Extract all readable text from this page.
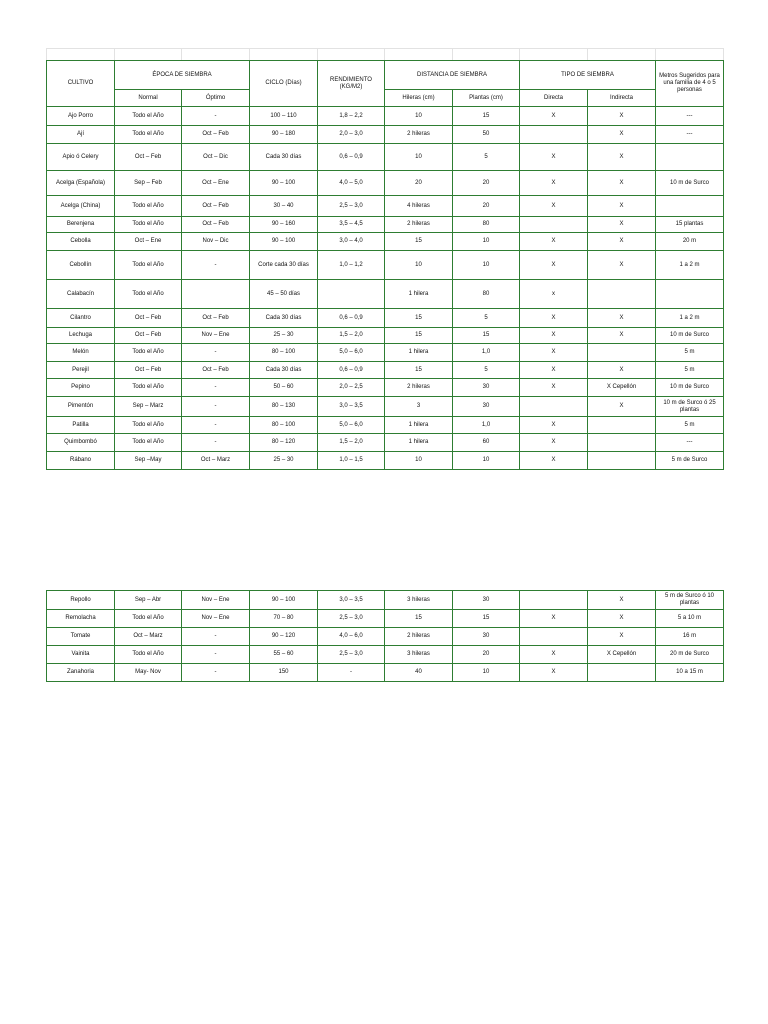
CULTIVO	ÉPOCA DE SIEMBRA		CICLO (Días)	RENDIMIENTO (KG/M2)	DISTANCIA DE SIEMBRA		TIPO DE SIEMBRA		Metros Sugeridos para una familia de 4 o 5 personas
	Normal	Óptimo			Hileras (cm)	Plantas (cm)	Directa	Indirecta	
Ajo Porro	Todo el Año	-	100 – 110	1,8 – 2,2	10	15	X	X	---
Ají	Todo el Año	Oct – Feb	90 – 180	2,0 – 3,0	2 hileras	50		X	---
Apio ó Celery	Oct – Feb	Oct – Dic	Cada 30 días	0,6 – 0,9	10	5	X	X	
Acelga (Española)	Sep – Feb	Oct – Ene	90 – 100	4,0 – 5,0	20	20	X	X	10 m de Surco
Acelga (China)	Todo el Año	Oct – Feb	30 – 40	2,5 – 3,0	4 hileras	20	X	X	
Berenjena	Todo el Año	Oct – Feb	90 – 160	3,5 – 4,5	2 hileras	80		X	15 plantas
Cebolla	Oct – Ene	Nov – Dic	90 – 100	3,0 – 4,0	15	10	X	X	20 m
Cebollín	Todo el Año	-	Corte cada 30 días	1,0 – 1,2	10	10	X	X	1 a 2 m
Calabacín	Todo el Año		45 – 50 días		1 hilera	80	x		
Cilantro	Oct – Feb	Oct – Feb	Cada 30 días	0,6 – 0,9	15	5	X	X	1 a 2 m
Lechuga	Oct – Feb	Nov – Ene	25 – 30	1,5 – 2,0	15	15	X	X	10 m de Surco
Melón	Todo el Año	-	80 – 100	5,0 – 6,0	1 hilera	1,0	X		5 m
Perejil	Oct – Feb	Oct – Feb	Cada 30 días	0,6 – 0,9	15	5	X	X	5 m
Pepino	Todo el Año	-	50 – 60	2,0 – 2,5	2 hileras	30	X	X Cepellón	10 m de Surco
Pimentón	Sep – Marz	-	80 – 130	3,0 – 3,5	3	30		X	10 m de Surco ó 25 plantas
Patilla	Todo el Año	-	80 – 100	5,0 – 6,0	1 hilera	1,0	X		5 m
Quimbombó	Todo el Año	-	80 – 120	1,5 – 2,0	1 hilera	60	X		---
Rábano	Sep –May	Oct – Marz	25 – 30	1,0 – 1,5	10	10	X		5 m de Surco
Repollo	Sep – Abr	Nov – Ene	90 – 100	3,0 – 3,5	3 hileras	30		X	5 m de Surco ó 10 plantas
Remolacha	Todo el Año	Nov – Ene	70 – 80	2,5 – 3,0	15	15	X	X	5 a 10 m
Tomate	Oct – Marz	-	90 – 120	4,0 – 6,0	2 hileras	30		X	16 m
Vainita	Todo el Año	-	55 – 60	2,5 – 3,0	3 hileras	20	X	X Cepellón	20 m de Surco
Zanahoria	May- Nov	-	150	-	40	10	X		10 a 15 m
